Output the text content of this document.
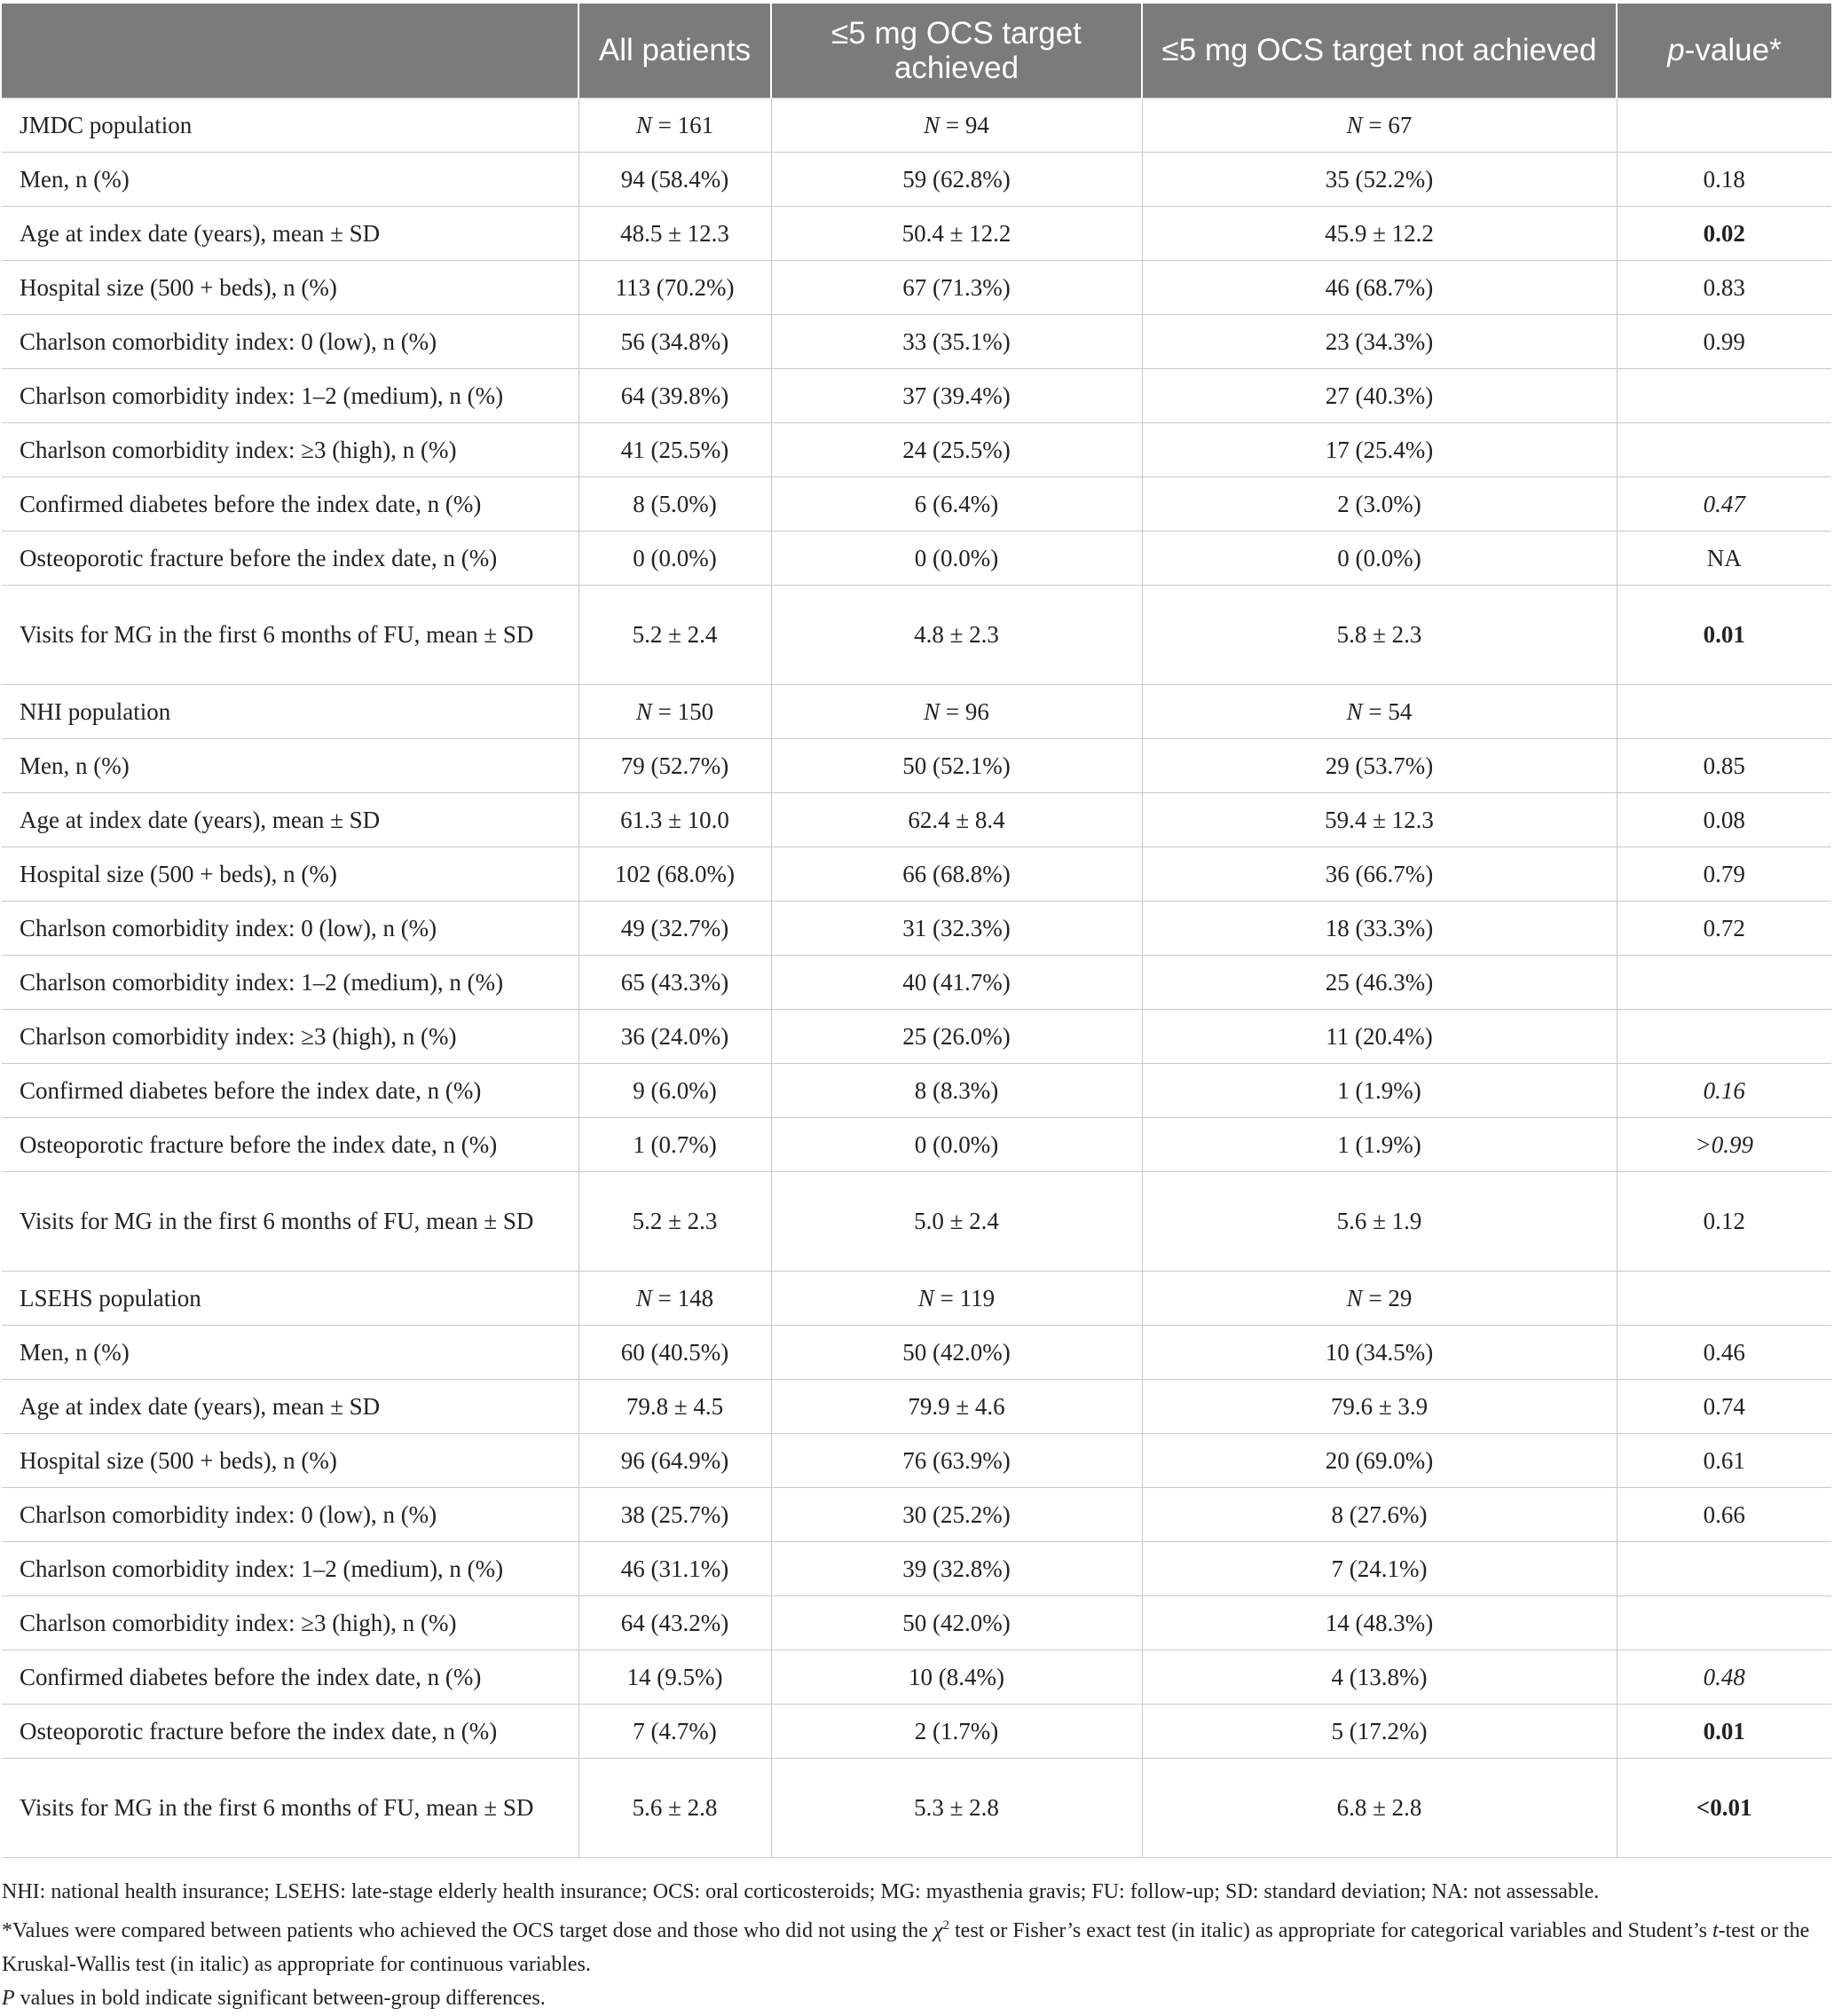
	All patients	≤5 mg OCS target achieved	≤5 mg OCS target not achieved	p-value*
JMDC population	N = 161	N = 94	N = 67	
Men, n (%)	94 (58.4%)	59 (62.8%)	35 (52.2%)	0.18
Age at index date (years), mean ± SD	48.5 ± 12.3	50.4 ± 12.2	45.9 ± 12.2	0.02
Hospital size (500 + beds), n (%)	113 (70.2%)	67 (71.3%)	46 (68.7%)	0.83
Charlson comorbidity index: 0 (low), n (%)	56 (34.8%)	33 (35.1%)	23 (34.3%)	0.99
Charlson comorbidity index: 1–2 (medium), n (%)	64 (39.8%)	37 (39.4%)	27 (40.3%)	
Charlson comorbidity index: ≥3 (high), n (%)	41 (25.5%)	24 (25.5%)	17 (25.4%)	
Confirmed diabetes before the index date, n (%)	8 (5.0%)	6 (6.4%)	2 (3.0%)	0.47
Osteoporotic fracture before the index date, n (%)	0 (0.0%)	0 (0.0%)	0 (0.0%)	NA
Visits for MG in the first 6 months of FU, mean ± SD	5.2 ± 2.4	4.8 ± 2.3	5.8 ± 2.3	0.01
NHI population	N = 150	N = 96	N = 54	
Men, n (%)	79 (52.7%)	50 (52.1%)	29 (53.7%)	0.85
Age at index date (years), mean ± SD	61.3 ± 10.0	62.4 ± 8.4	59.4 ± 12.3	0.08
Hospital size (500 + beds), n (%)	102 (68.0%)	66 (68.8%)	36 (66.7%)	0.79
Charlson comorbidity index: 0 (low), n (%)	49 (32.7%)	31 (32.3%)	18 (33.3%)	0.72
Charlson comorbidity index: 1–2 (medium), n (%)	65 (43.3%)	40 (41.7%)	25 (46.3%)	
Charlson comorbidity index: ≥3 (high), n (%)	36 (24.0%)	25 (26.0%)	11 (20.4%)	
Confirmed diabetes before the index date, n (%)	9 (6.0%)	8 (8.3%)	1 (1.9%)	0.16
Osteoporotic fracture before the index date, n (%)	1 (0.7%)	0 (0.0%)	1 (1.9%)	>0.99
Visits for MG in the first 6 months of FU, mean ± SD	5.2 ± 2.3	5.0 ± 2.4	5.6 ± 1.9	0.12
LSEHS population	N = 148	N = 119	N = 29	
Men, n (%)	60 (40.5%)	50 (42.0%)	10 (34.5%)	0.46
Age at index date (years), mean ± SD	79.8 ± 4.5	79.9 ± 4.6	79.6 ± 3.9	0.74
Hospital size (500 + beds), n (%)	96 (64.9%)	76 (63.9%)	20 (69.0%)	0.61
Charlson comorbidity index: 0 (low), n (%)	38 (25.7%)	30 (25.2%)	8 (27.6%)	0.66
Charlson comorbidity index: 1–2 (medium), n (%)	46 (31.1%)	39 (32.8%)	7 (24.1%)	
Charlson comorbidity index: ≥3 (high), n (%)	64 (43.2%)	50 (42.0%)	14 (48.3%)	
Confirmed diabetes before the index date, n (%)	14 (9.5%)	10 (8.4%)	4 (13.8%)	0.48
Osteoporotic fracture before the index date, n (%)	7 (4.7%)	2 (1.7%)	5 (17.2%)	0.01
Visits for MG in the first 6 months of FU, mean ± SD	5.6 ± 2.8	5.3 ± 2.8	6.8 ± 2.8	<0.01

NHI: national health insurance; LSEHS: late-stage elderly health insurance; OCS: oral corticosteroids; MG: myasthenia gravis; FU: follow-up; SD: standard deviation; NA: not assessable.

*Values were compared between patients who achieved the OCS target dose and those who did not using the $\chi^2$ test or Fisher’s exact test (in italic) as appropriate for categorical variables and Student’s t-test or the Kruskal-Wallis test (in italic) as appropriate for continuous variables.

P values in bold indicate significant between-group differences.
